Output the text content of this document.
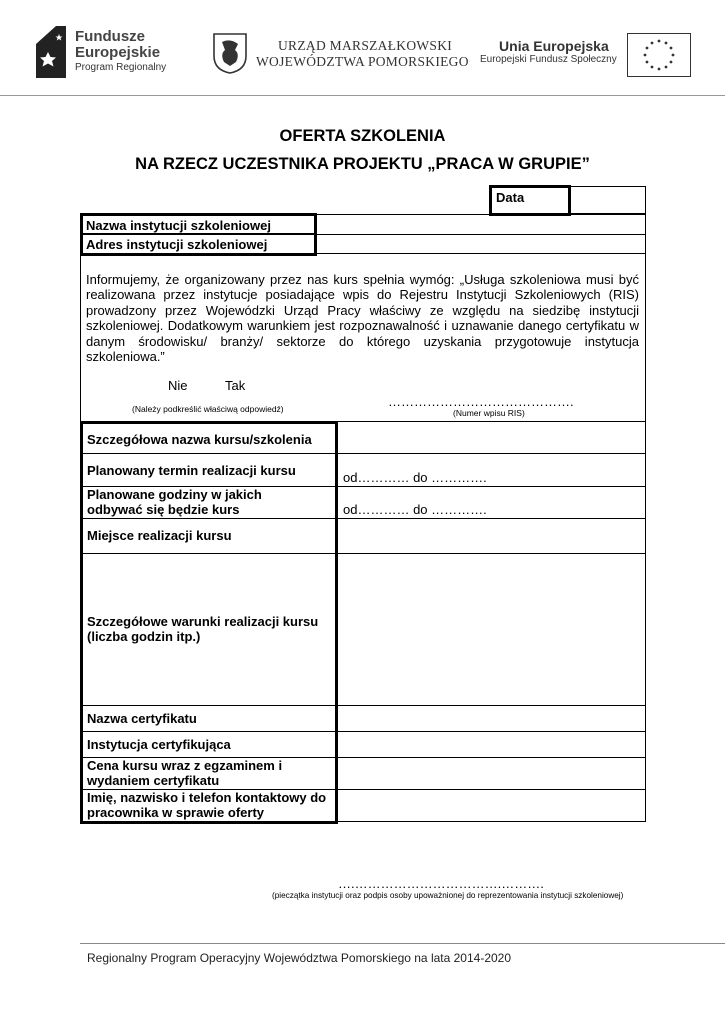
Fundusze
Europejskie
Program Regionalny
URZĄD MARSZAŁKOWSKI
WOJEWÓDZTWA POMORSKIEGO
Unia Europejska
Europejski Fundusz Społeczny
OFERTA SZKOLENIA
NA RZECZ UCZESTNIKA PROJEKTU „PRACA W GRUPIE”
Data
Nazwa instytucji szkoleniowej
Adres instytucji szkoleniowej
Informujemy, że organizowany przez nas kurs spełnia wymóg: „Usługa szkoleniowa musi być realizowana przez instytucje posiadające wpis do Rejestru Instytucji Szkoleniowych (RIS) prowadzony przez Wojewódzki Urząd Pracy właściwy ze względu na siedzibę instytucji szkoleniowej. Dodatkowym warunkiem jest rozpoznawalność i uznawanie danego certyfikatu w danym środowisku/ branży/ sektorze do którego uzyskania przygotowuje instytucja szkoleniowa.”
Nie	Tak
(Należy podkreślić właściwą odpowiedź)	…………………………………….
(Numer wpisu RIS)
Szczegółowa nazwa kursu/szkolenia
Planowany termin realizacji kursu	od………… do ………….
Planowane godziny w jakich odbywać się będzie kurs	od………… do ………….
Miejsce realizacji kursu
Szczegółowe warunki realizacji kursu (liczba godzin itp.)
Nazwa certyfikatu
Instytucja certyfikująca
Cena kursu wraz z egzaminem i wydaniem certyfikatu
Imię, nazwisko i telefon kontaktowy do pracownika w sprawie oferty
….…………………………….……….
(pieczątka instytucji oraz podpis osoby upoważnionej do reprezentowania instytucji szkoleniowej)
Regionalny Program Operacyjny Województwa Pomorskiego na lata 2014-2020
